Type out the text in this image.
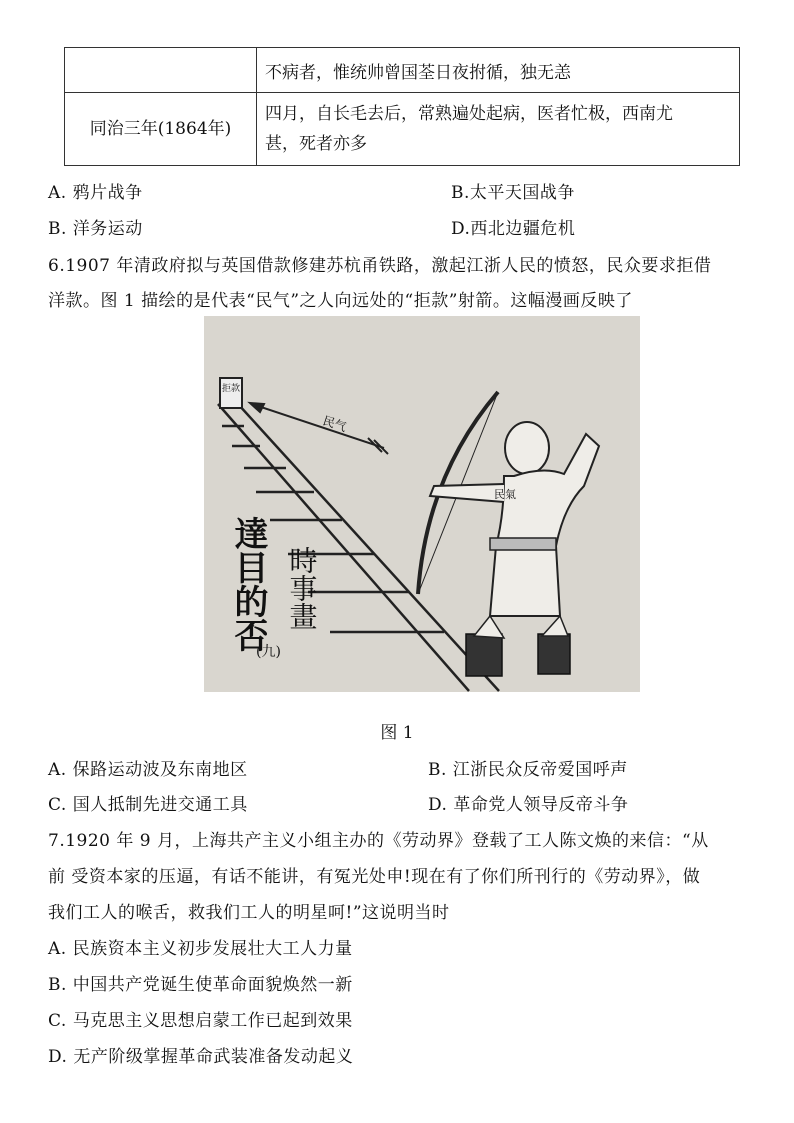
	不病者，惟统帅曾国荃日夜拊循，独无恙
同治三年(1864年)	四月，自长毛去后，常熟遍处起病，医者忙极，西南尤
甚，死者亦多
A. 鸦片战争	B.太平天国战争
B. 洋务运动	D.西北边疆危机
6.1907 年清政府拟与英国借款修建苏杭甬铁路，激起江浙人民的愤怒，民众要求拒借
洋款。图 1 描绘的是代表“民气”之人向远处的“拒款”射箭。这幅漫画反映了
拒款
民气
民氣
達目的否 時事畫
(九)
图 1
A. 保路运动波及东南地区	B. 江浙民众反帝爱国呼声
C. 国人抵制先进交通工具	D. 革命党人领导反帝斗争
7.1920 年 9 月，上海共产主义小组主办的《劳动界》登载了工人陈文焕的来信：“从
前 受资本家的压逼，有话不能讲，有冤光处申!现在有了你们所刊行的《劳动界》，做
我们工人的喉舌，救我们工人的明星呵!”这说明当时
A. 民族资本主义初步发展壮大工人力量
B. 中国共产党诞生使革命面貌焕然一新
C. 马克思主义思想启蒙工作已起到效果
D. 无产阶级掌握革命武装准备发动起义
